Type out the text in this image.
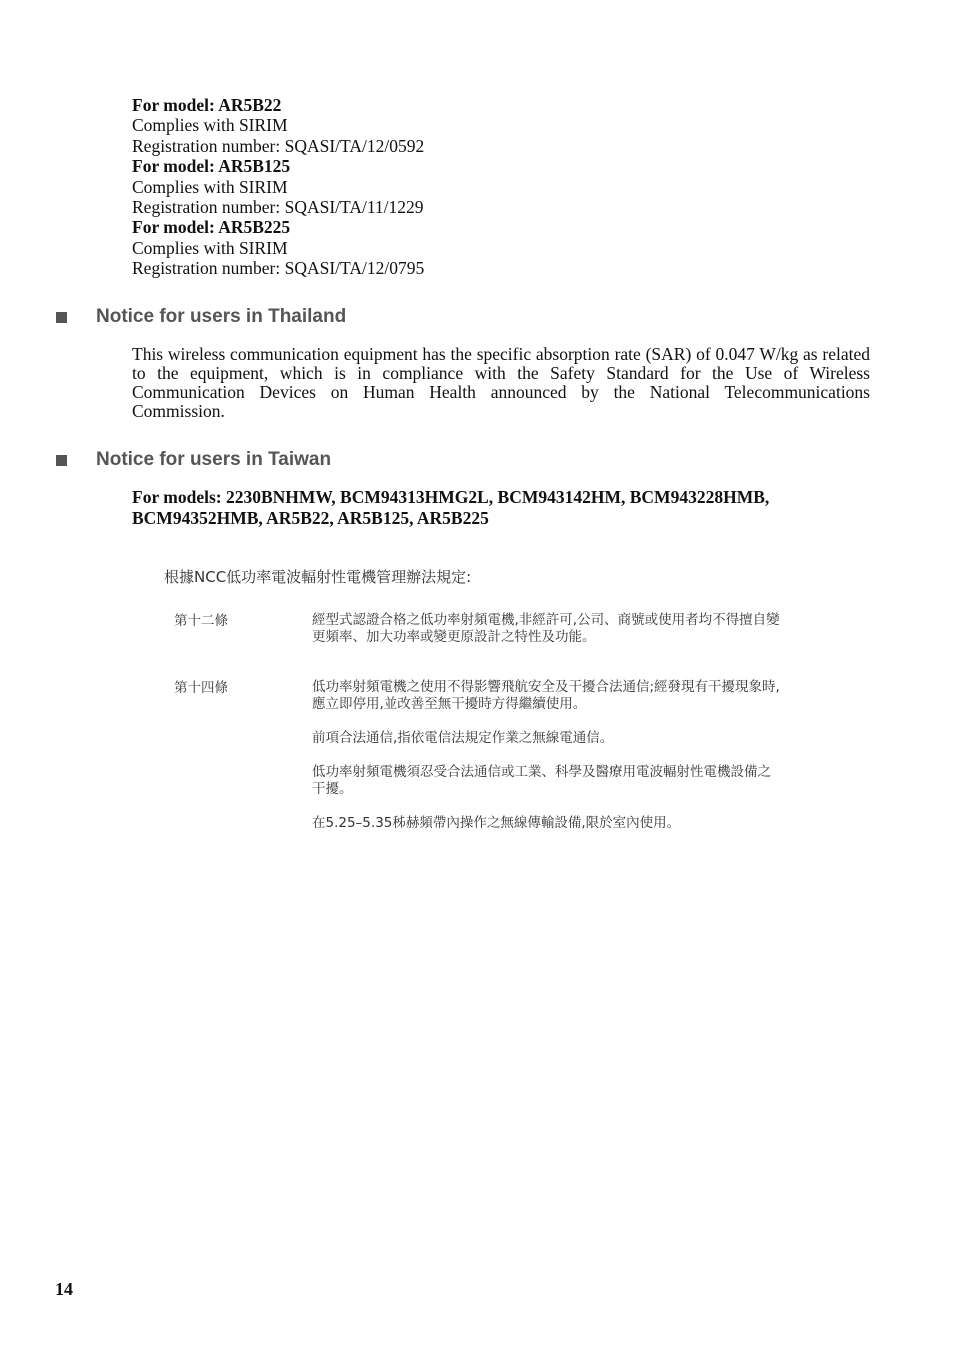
For model: AR5B22
Complies with SIRIM
Registration number: SQASI/TA/12/0592
For model: AR5B125
Complies with SIRIM
Registration number: SQASI/TA/11/1229
For model: AR5B225
Complies with SIRIM
Registration number: SQASI/TA/12/0795
Notice for users in Thailand
This wireless communication equipment has the specific absorption rate (SAR) of 0.047 W/kg as related to the equipment, which is in compliance with the Safety Standard for the Use of Wireless Communication Devices on Human Health announced by the National Telecommunications Commission.
Notice for users in Taiwan
For models: 2230BNHMW, BCM94313HMG2L, BCM943142HM, BCM943228HMB, BCM94352HMB, AR5B22, AR5B125, AR5B225
根據NCC低功率電波輻射性電機管理辦法規定:
第十二條	經型式認證合格之低功率射頻電機,非經許可,公司、商號或使用者均不得擅自變更頻率、加大功率或變更原設計之特性及功能。
第十四條	低功率射頻電機之使用不得影響飛航安全及干擾合法通信;經發現有干擾現象時,應立即停用,並改善至無干擾時方得繼續使用。
前項合法通信,指依電信法規定作業之無線電通信。
低功率射頻電機須忍受合法通信或工業、科學及醫療用電波輻射性電機設備之干擾。
在5.25–5.35秭赫頻帶內操作之無線傳輸設備,限於室內使用。
14
